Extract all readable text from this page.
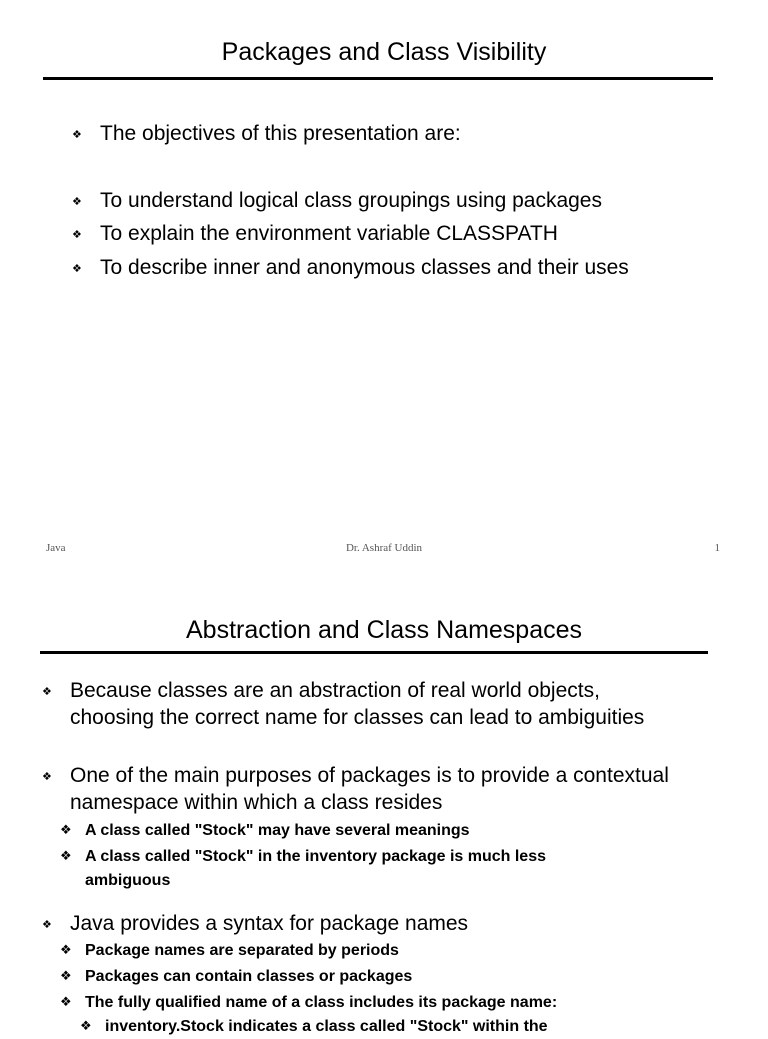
Packages and Class Visibility
❖ The objectives of this presentation are:
❖ To understand logical class groupings using packages
❖ To explain the environment variable CLASSPATH
❖ To describe inner and anonymous classes and their uses
Java	Dr. Ashraf Uddin	1
Abstraction and Class Namespaces
❖ Because classes are an abstraction of real world objects, choosing the correct name for classes can lead to ambiguities
❖ One of the main purposes of packages is to provide a contextual namespace within which a class resides
❖ A class called "Stock" may have several meanings
❖ A class called "Stock" in the inventory package is much less ambiguous
❖ Java provides a syntax for package names
❖ Package names are separated by periods
❖ Packages can contain classes or packages
❖ The fully qualified name of a class includes its package name:
❖ inventory.Stock indicates a class called "Stock" within the
